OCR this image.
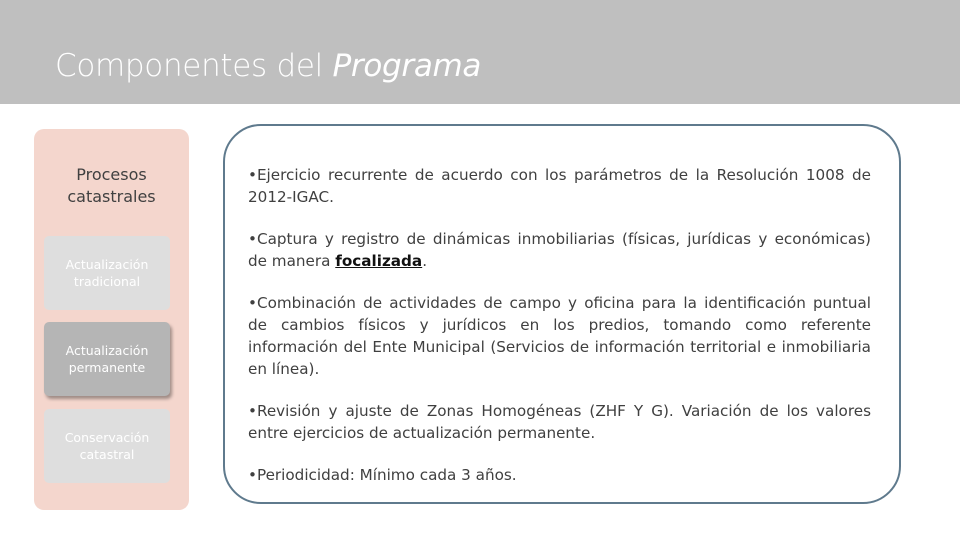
Componentes del Programa
Procesos
catastrales
Actualización
tradicional
Actualización
permanente
Conservación
catastral

•Ejercicio recurrente de acuerdo con los parámetros de la Resolución 1008 de 2012-IGAC.

•Captura y registro de dinámicas inmobiliarias (físicas, jurídicas y económicas) de manera focalizada.

•Combinación de actividades de campo y oficina para la identificación puntual de cambios físicos y jurídicos en los predios, tomando como referente información del Ente Municipal (Servicios de información territorial e inmobiliaria en línea).

•Revisión y ajuste de Zonas Homogéneas (ZHF Y G). Variación de los valores entre ejercicios de actualización permanente.

•Periodicidad: Mínimo cada 3 años.
